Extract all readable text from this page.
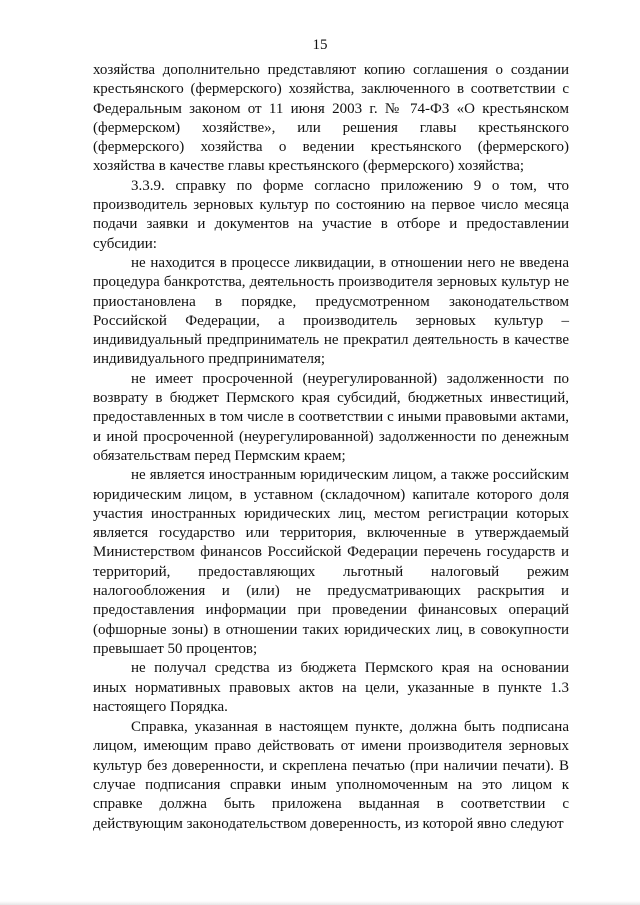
15

хозяйства дополнительно представляют копию соглашения о создании крестьянского (фермерского) хозяйства, заключенного в соответствии с Федеральным законом от 11 июня 2003 г. № 74-ФЗ «О крестьянском (фермерском) хозяйстве», или решения главы крестьянского (фермерского) хозяйства о ведении крестьянского (фермерского) хозяйства в качестве главы крестьянского (фермерского) хозяйства;

3.3.9. справку по форме согласно приложению 9 о том, что производитель зерновых культур по состоянию на первое число месяца подачи заявки и документов на участие в отборе и предоставлении субсидии:

не находится в процессе ликвидации, в отношении него не введена процедура банкротства, деятельность производителя зерновых культур не приостановлена в порядке, предусмотренном законодательством Российской Федерации, а производитель зерновых культур – индивидуальный предприниматель не прекратил деятельность в качестве индивидуального предпринимателя;

не имеет просроченной (неурегулированной) задолженности по возврату в бюджет Пермского края субсидий, бюджетных инвестиций, предоставленных в том числе в соответствии с иными правовыми актами, и иной просроченной (неурегулированной) задолженности по денежным обязательствам перед Пермским краем;

не является иностранным юридическим лицом, а также российским юридическим лицом, в уставном (складочном) капитале которого доля участия иностранных юридических лиц, местом регистрации которых является государство или территория, включенные в утверждаемый Министерством финансов Российской Федерации перечень государств и территорий, предоставляющих льготный налоговый режим налогообложения и (или) не предусматривающих раскрытия и предоставления информации при проведении финансовых операций (офшорные зоны) в отношении таких юридических лиц, в совокупности превышает 50 процентов;

не получал средства из бюджета Пермского края на основании иных нормативных правовых актов на цели, указанные в пункте 1.3 настоящего Порядка.

Справка, указанная в настоящем пункте, должна быть подписана лицом, имеющим право действовать от имени производителя зерновых культур без доверенности, и скреплена печатью (при наличии печати). В случае подписания справки иным уполномоченным на это лицом к справке должна быть приложена выданная в соответствии с действующим законодательством доверенность, из которой явно следуют
